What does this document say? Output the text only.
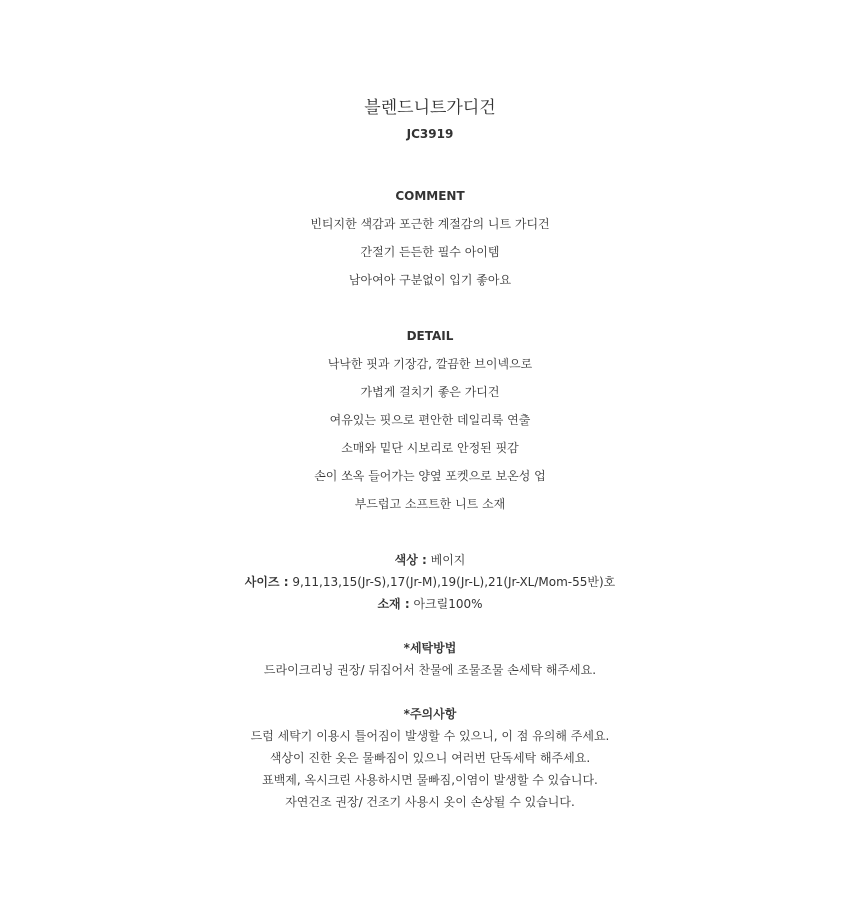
블렌드니트가디건
JC3919
COMMENT
빈티지한 색감과 포근한 계절감의 니트 가디건
간절기 든든한 필수 아이템
남아여아 구분없이 입기 좋아요
DETAIL
낙낙한 핏과 기장감, 깔끔한 브이넥으로
가볍게 걸치기 좋은 가디건
여유있는 핏으로 편안한 데일리룩 연출
소매와 밑단 시보리로 안정된 핏감
손이 쏘옥 들어가는 양옆 포켓으로 보온성 업
부드럽고 소프트한 니트 소재
색상 : 베이지
사이즈 : 9,11,13,15(Jr-S),17(Jr-M),19(Jr-L),21(Jr-XL/Mom-55반)호
소재 : 아크릴100%
*세탁방법
드라이크리닝 권장/ 뒤집어서 찬물에 조물조물 손세탁 해주세요.
*주의사항
드럼 세탁기 이용시 틀어짐이 발생할 수 있으니, 이 점 유의해 주세요.
색상이 진한 옷은 물빠짐이 있으니 여러번 단독세탁 해주세요.
표백제, 옥시크린 사용하시면 물빠짐,이염이 발생할 수 있습니다.
자연건조 권장/ 건조기 사용시 옷이 손상될 수 있습니다.
